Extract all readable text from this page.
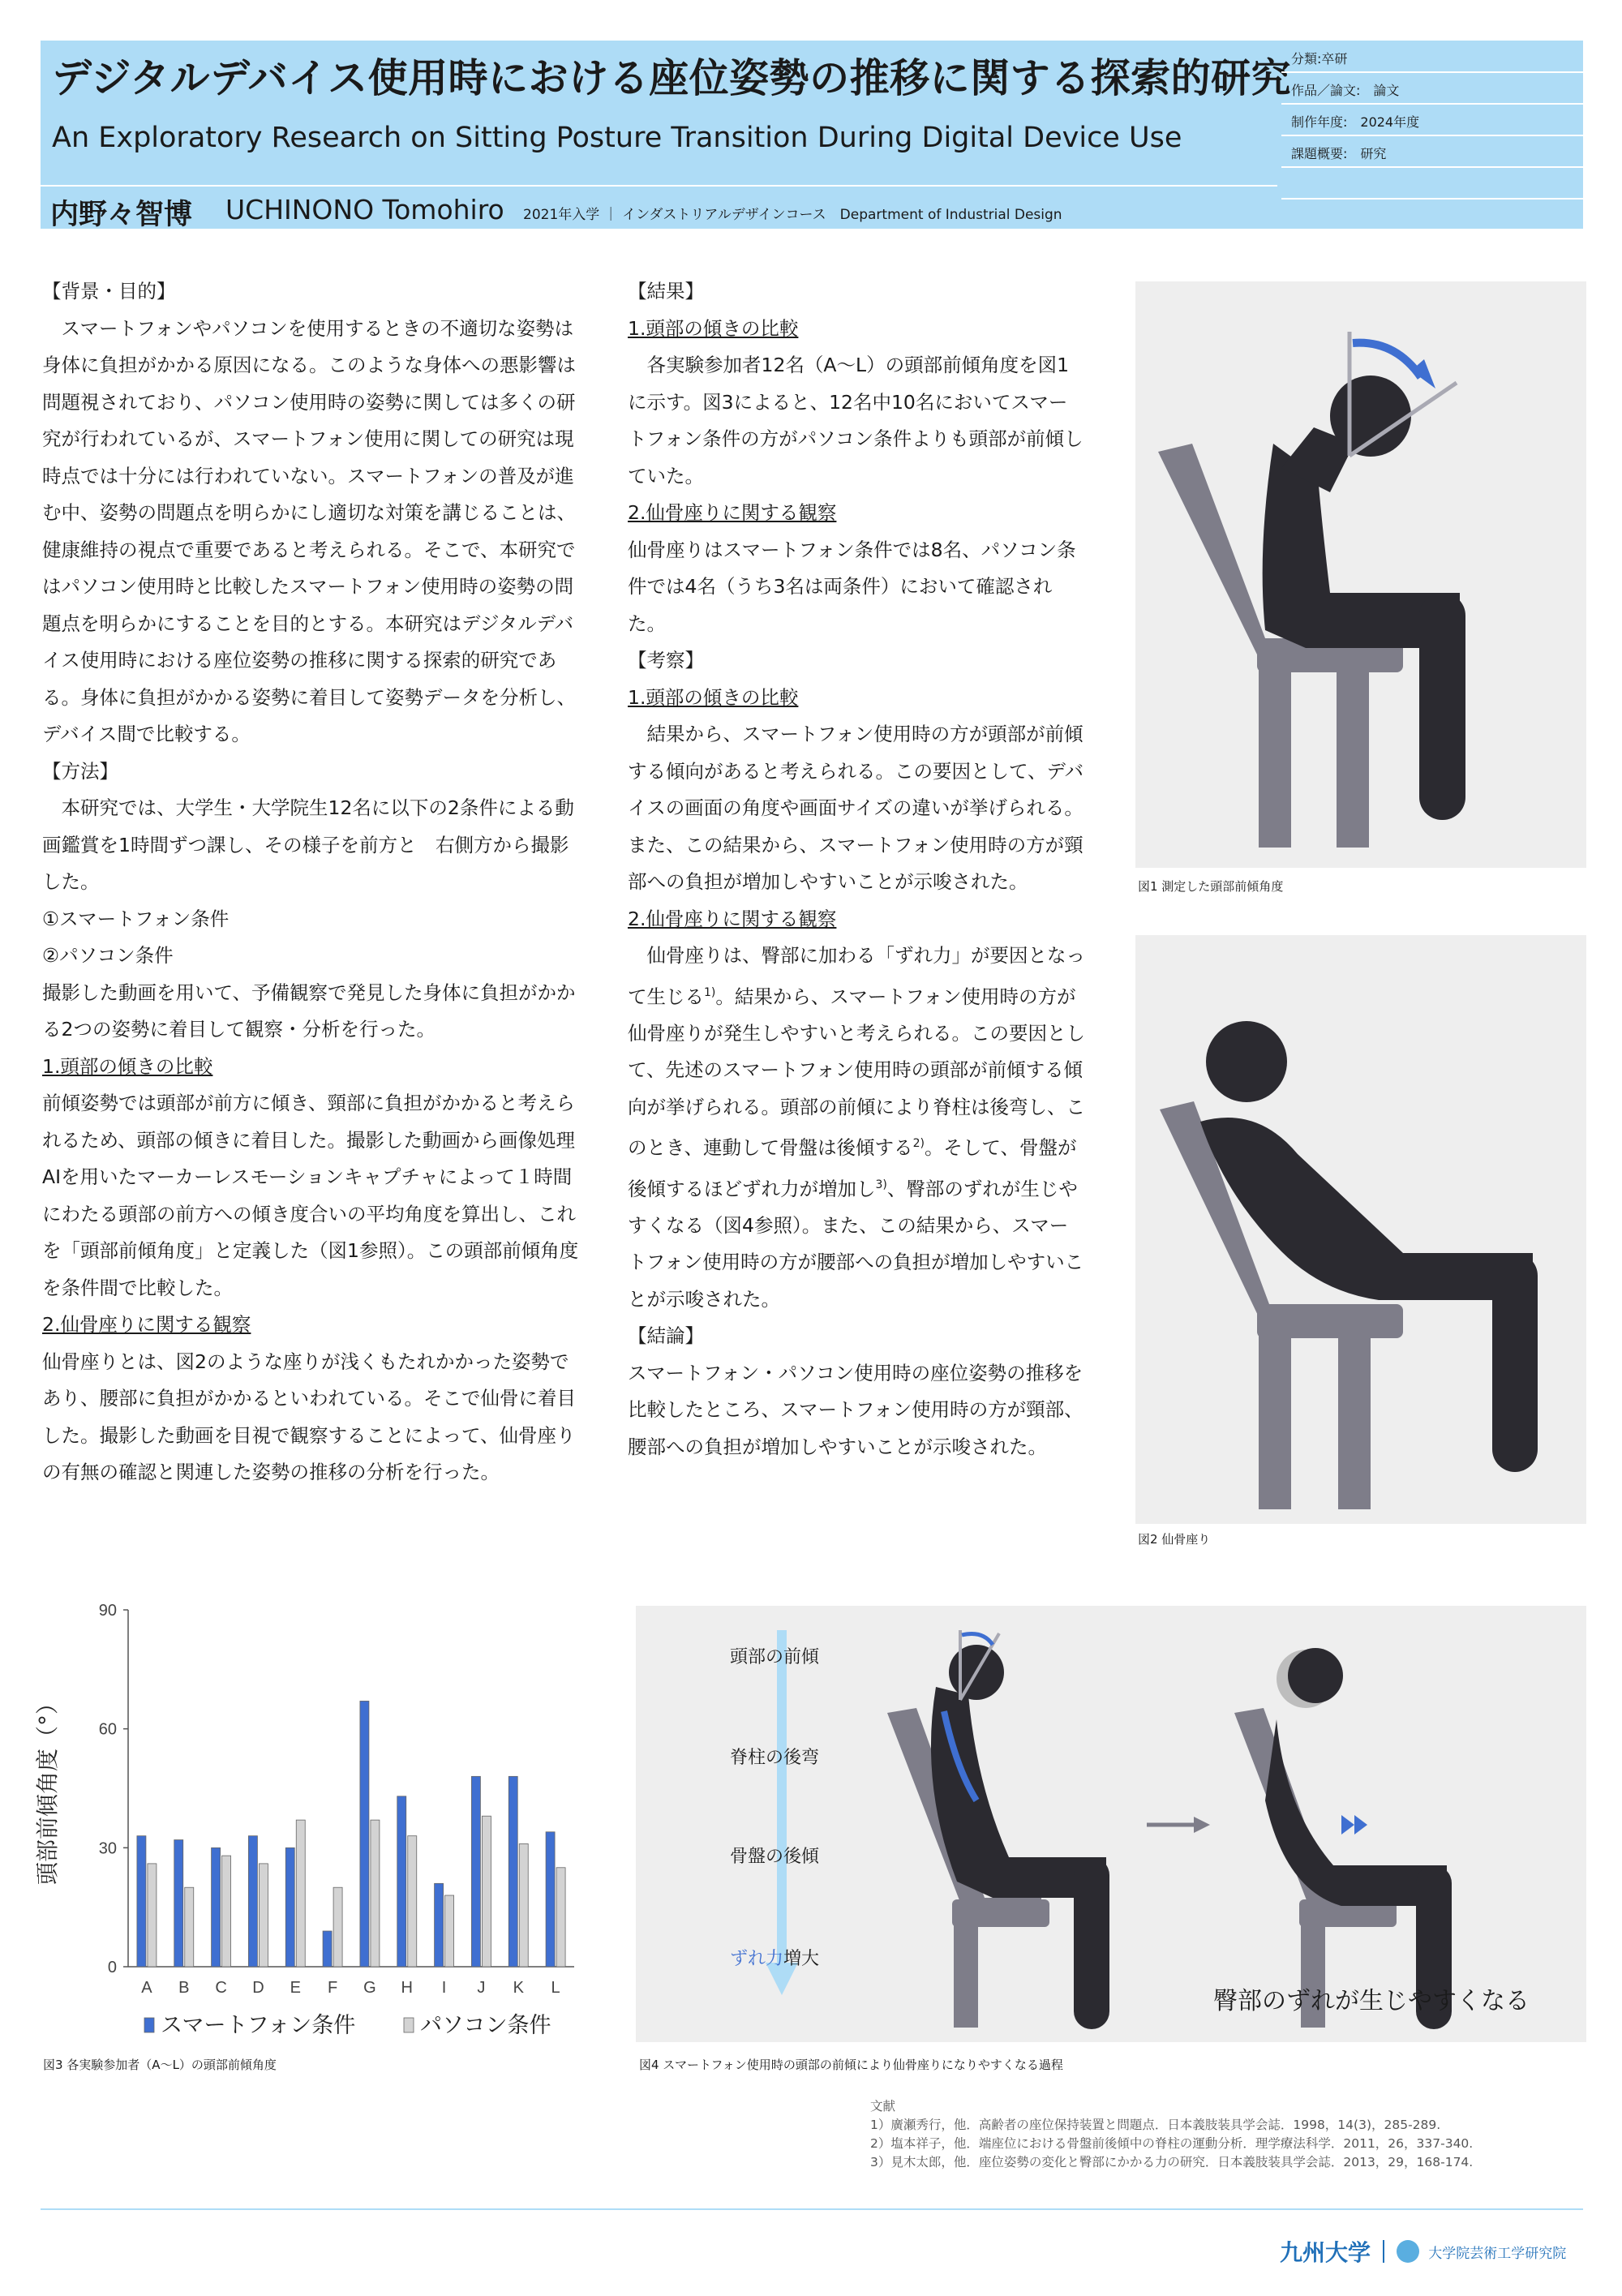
デジタルデバイス使用時における座位姿勢の推移に関する探索的研究
An Exploratory Research on Sitting Posture Transition During Digital Device Use
内野々智博 UCHINONO Tomohiro 2021年入学 ｜ インダストリアルデザインコース　Department of Industrial Design
分類:卒研
作品／論文:　論文
制作年度:　2024年度
課題概要:　研究

【背景・目的】

スマートフォンやパソコンを使用するときの不適切な姿勢は身体に負担がかかる原因になる。このような身体への悪影響は問題視されており、パソコン使用時の姿勢に関しては多くの研究が行われているが、スマートフォン使用に関しての研究は現時点では十分には行われていない。スマートフォンの普及が進む中、姿勢の問題点を明らかにし適切な対策を講じることは、健康維持の視点で重要であると考えられる。そこで、本研究ではパソコン使用時と比較したスマートフォン使用時の姿勢の問題点を明らかにすることを目的とする。本研究はデジタルデバイス使用時における座位姿勢の推移に関する探索的研究である。身体に負担がかかる姿勢に着目して姿勢データを分析し、デバイス間で比較する。

【方法】

本研究では、大学生・大学院生12名に以下の2条件による動画鑑賞を1時間ずつ課し、その様子を前方と　右側方から撮影した。

①スマートフォン条件

②パソコン条件

撮影した動画を用いて、予備観察で発見した身体に負担がかかる2つの姿勢に着目して観察・分析を行った。

1.頭部の傾きの比較

前傾姿勢では頭部が前方に傾き、頸部に負担がかかると考えられるため、頭部の傾きに着目した。撮影した動画から画像処理AIを用いたマーカーレスモーションキャプチャによって１時間にわたる頭部の前方への傾き度合いの平均角度を算出し、これを「頭部前傾角度」と定義した（図1参照）。この頭部前傾角度を条件間で比較した。

2.仙骨座りに関する観察

仙骨座りとは、図2のような座りが浅くもたれかかった姿勢であり、腰部に負担がかかるといわれている。そこで仙骨に着目した。撮影した動画を目視で観察することによって、仙骨座りの有無の確認と関連した姿勢の推移の分析を行った。

【結果】

1.頭部の傾きの比較

各実験参加者12名（A〜L）の頭部前傾角度を図1に示す。図3によると、12名中10名においてスマートフォン条件の方がパソコン条件よりも頭部が前傾していた。

2.仙骨座りに関する観察

仙骨座りはスマートフォン条件では8名、パソコン条件では4名（うち3名は両条件）において確認された。

【考察】

1.頭部の傾きの比較

結果から、スマートフォン使用時の方が頭部が前傾する傾向があると考えられる。この要因として、デバイスの画面の角度や画面サイズの違いが挙げられる。また、この結果から、スマートフォン使用時の方が頸部への負担が増加しやすいことが示唆された。

2.仙骨座りに関する観察

仙骨座りは、臀部に加わる「ずれ力」が要因となって生じる$^{1)}$。結果から、スマートフォン使用時の方が仙骨座りが発生しやすいと考えられる。この要因として、先述のスマートフォン使用時の頭部が前傾する傾向が挙げられる。頭部の前傾により脊柱は後弯し、このとき、連動して骨盤は後傾する$^{2)}$。そして、骨盤が後傾するほどずれ力が増加し$^{3)}$、臀部のずれが生じやすくなる（図4参照）。また、この結果から、スマートフォン使用時の方が腰部への負担が増加しやすいことが示唆された。

【結論】

スマートフォン・パソコン使用時の座位姿勢の推移を比較したところ、スマートフォン使用時の方が頸部、腰部への負担が増加しやすいことが示唆された。

図1 測定した頭部前傾角度
図2 仙骨座り
0
30
60
90
頭部前傾角度（°）
A B C D E F G H I J K L
スマートフォン条件	パソコン条件
図3 各実験参加者（A〜L）の頭部前傾角度
頭部の前傾
脊柱の後弯
骨盤の後傾
ずれ力増大
臀部のずれが生じやすくなる
図4 スマートフォン使用時の頭部の前傾により仙骨座りになりやすくなる過程
文献
1）廣瀬秀行，他．高齢者の座位保持装置と問題点．日本義肢装具学会誌．1998，14(3)，285-289.
2）塩本祥子，他．端座位における骨盤前後傾中の脊柱の運動分析．理学療法科学．2011，26，337-340.
3）見木太郎，他．座位姿勢の変化と臀部にかかる力の研究．日本義肢装具学会誌．2013，29，168-174.
九州大学	大学院芸術工学研究院
